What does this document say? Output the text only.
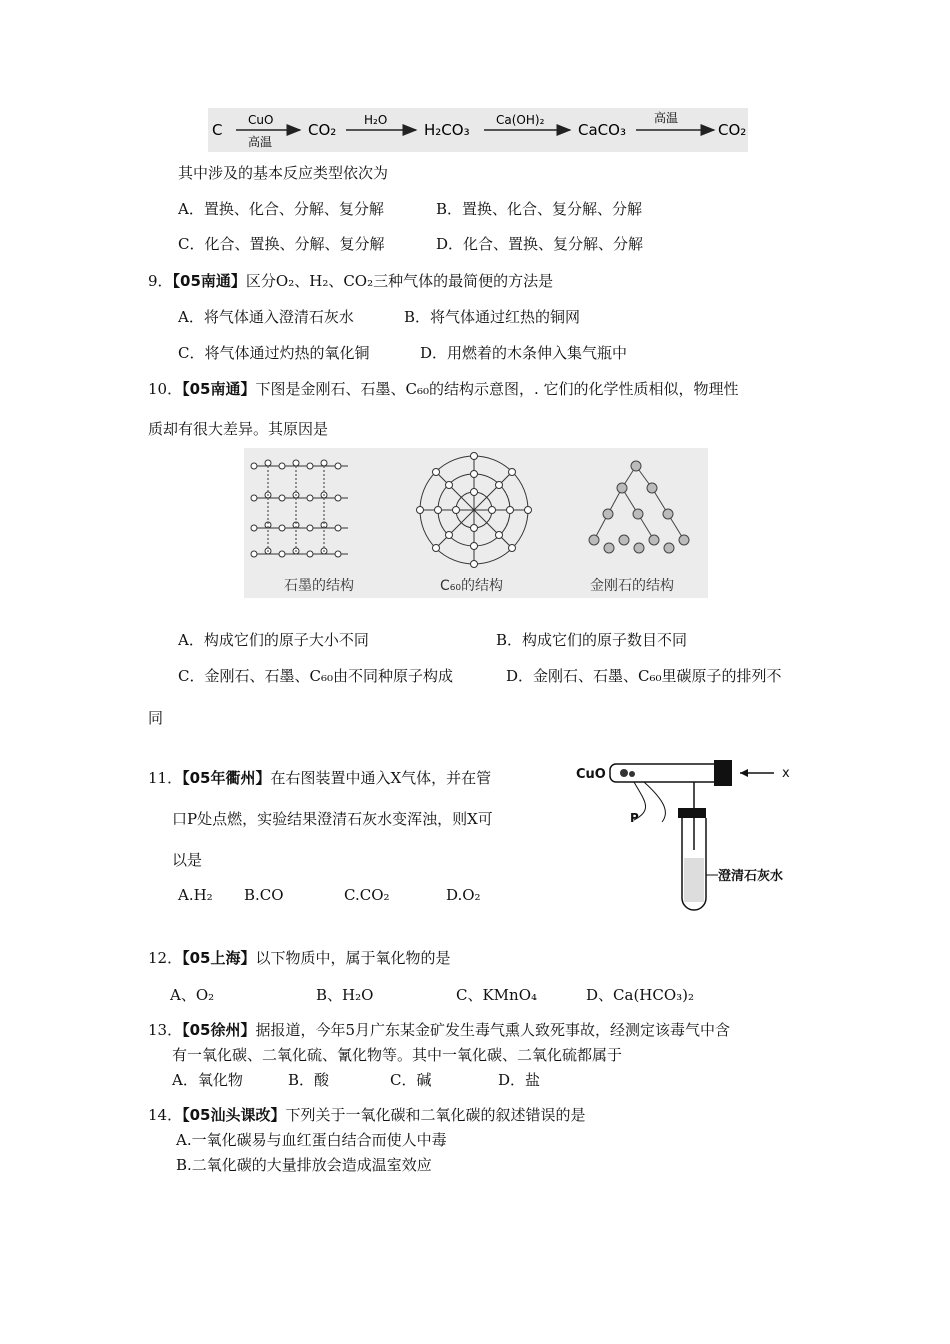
C
CuO
高温
CO₂
H₂O
H₂CO₃
Ca(OH)₂
CaCO₃
高温
CO₂
其中涉及的基本反应类型依次为
A．置换、化合、分解、复分解	B．置换、化合、复分解、分解
C．化合、置换、分解、复分解	D．化合、置换、复分解、分解
9．【05南通】区分O₂、H₂、CO₂三种气体的最简便的方法是
A．将气体通入澄清石灰水	B．将气体通过红热的铜网
C．将气体通过灼热的氧化铜	D．用燃着的木条伸入集气瓶中
10．【05南通】下图是金刚石、石墨、C₆₀的结构示意图，. 它们的化学性质相似，物理性
质却有很大差异。其原因是
石墨的结构	C₆₀的结构	金刚石的结构
A．构成它们的原子大小不同	B．构成它们的原子数目不同
C．金刚石、石墨、C₆₀由不同种原子构成	D．金刚石、石墨、C₆₀里碳原子的排列不
同
11．【05年衢州】在右图装置中通入X气体，并在管
口P处点燃，实验结果澄清石灰水变浑浊，则X可
以是
A.H₂ B.CO	C.CO₂	D.O₂
CuO	x
P
澄清石灰水
12．【05上海】以下物质中，属于氧化物的是
A、O₂	B、H₂O	C、KMnO₄	D、Ca(HCO₃)₂
13．【05徐州】据报道，今年5月广东某金矿发生毒气熏人致死事故，经测定该毒气中含
有一氧化碳、二氧化硫、氰化物等。其中一氧化碳、二氧化硫都属于
A．氧化物	B．酸	C．碱	D．盐
14．【05汕头课改】下列关于一氧化碳和二氧化碳的叙述错误的是
A.一氧化碳易与血红蛋白结合而使人中毒
B.二氧化碳的大量排放会造成温室效应
